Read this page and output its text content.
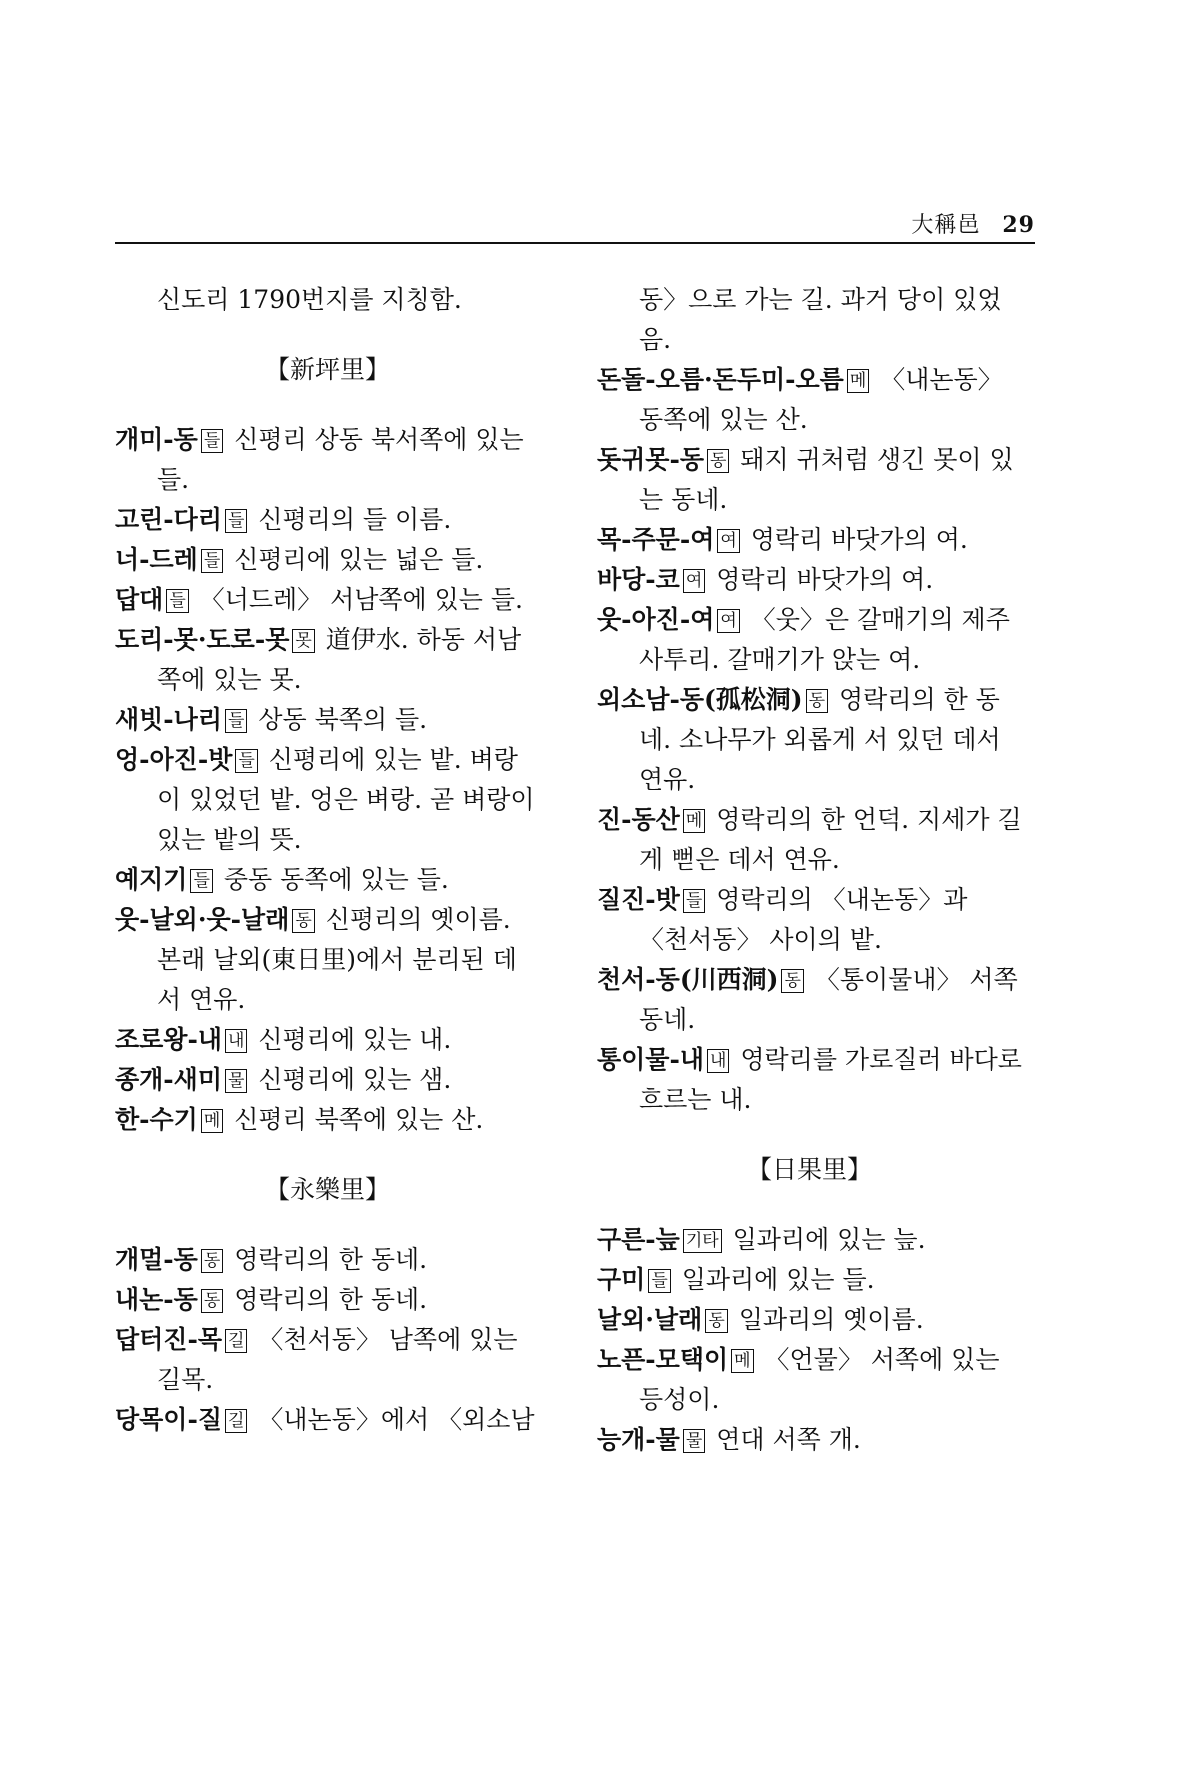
大稱邑 29
신도리 1790번지를 지칭함.
【新坪里】
개미-동 들 신평리 상동 북서쪽에 있는 들.
고린-다리 들 신평리의 들 이름.
너-드레 들 신평리에 있는 넓은 들.
답대 들 〈너드레〉 서남쪽에 있는 들.
도리-못·도로-못 못 道伊水. 하동 서남쪽에 있는 못.
새빗-나리 들 상동 북쪽의 들.
엉-아진-밧 들 신평리에 있는 밭. 벼랑이 있었던 밭. 엉은 벼랑. 곧 벼랑이 있는 밭의 뜻.
예지기 들 중동 동쪽에 있는 들.
웃-날외·웃-날래 동 신평리의 옛이름. 본래 날외(東日里)에서 분리된 데서 연유.
조로왕-내 내 신평리에 있는 내.
종개-새미 물 신평리에 있는 샘.
한-수기 메 신평리 북쪽에 있는 산.
【永樂里】
개멀-동 동 영락리의 한 동네.
내논-동 동 영락리의 한 동네.
답터진-목 길 〈천서동〉 남쪽에 있는 길목.
당목이-질 길 〈내논동〉에서 〈외소남
동〉으로 가는 길. 과거 당이 있었음.
돈돌-오름·돈두미-오름 메 〈내논동〉 동쪽에 있는 산.
돗귀못-동 동 돼지 귀처럼 생긴 못이 있는 동네.
목-주문-여 여 영락리 바닷가의 여.
바당-코 여 영락리 바닷가의 여.
웃-아진-여 여 〈웃〉은 갈매기의 제주 사투리. 갈매기가 앉는 여.
외소남-동(孤松洞) 동 영락리의 한 동네. 소나무가 외롭게 서 있던 데서 연유.
진-동산 메 영락리의 한 언덕. 지세가 길게 뻗은 데서 연유.
질진-밧 들 영락리의 〈내논동〉과 〈천서동〉 사이의 밭.
천서-동(川西洞) 동 〈통이물내〉 서쪽 동네.
통이물-내 내 영락리를 가로질러 바다로 흐르는 내.
【日果里】
구른-늪 기타 일과리에 있는 늪.
구미 들 일과리에 있는 들.
날외·날래 동 일과리의 옛이름.
노픈-모택이 메 〈언물〉 서쪽에 있는 등성이.
능개-물 물 연대 서쪽 개.
